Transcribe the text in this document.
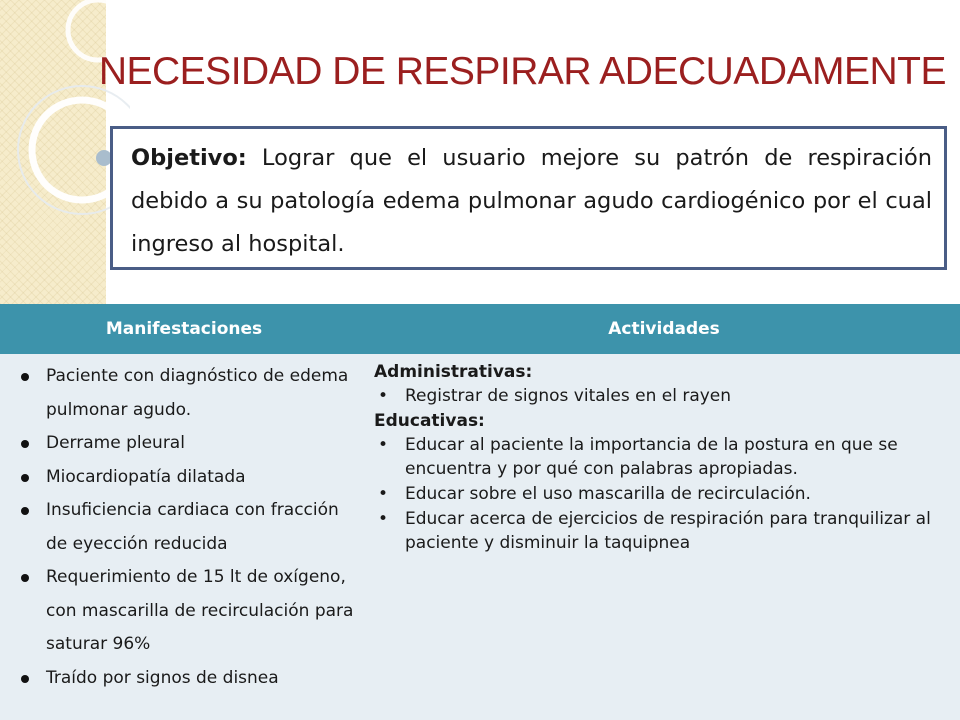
NECESIDAD DE RESPIRAR ADECUADAMENTE
Objetivo: Lograr que el usuario mejore su patrón de respiración debido a su patología edema pulmonar agudo cardiogénico por el cual ingreso al hospital.
Manifestaciones	Actividades
Paciente con diagnóstico de edema pulmonar agudo.
Derrame pleural
Miocardiopatía dilatada
Insuficiencia cardiaca con fracción de eyección reducida
Requerimiento de 15 lt de oxígeno, con mascarilla de recirculación para saturar 96%
Traído por signos de disnea
Administrativas:
• Registrar de signos vitales en el rayen
Educativas:
• Educar al paciente la importancia de la postura en que se encuentra y por qué con palabras apropiadas.
• Educar sobre el uso mascarilla de recirculación.
• Educar acerca de ejercicios de respiración para tranquilizar al paciente y disminuir la taquipnea
